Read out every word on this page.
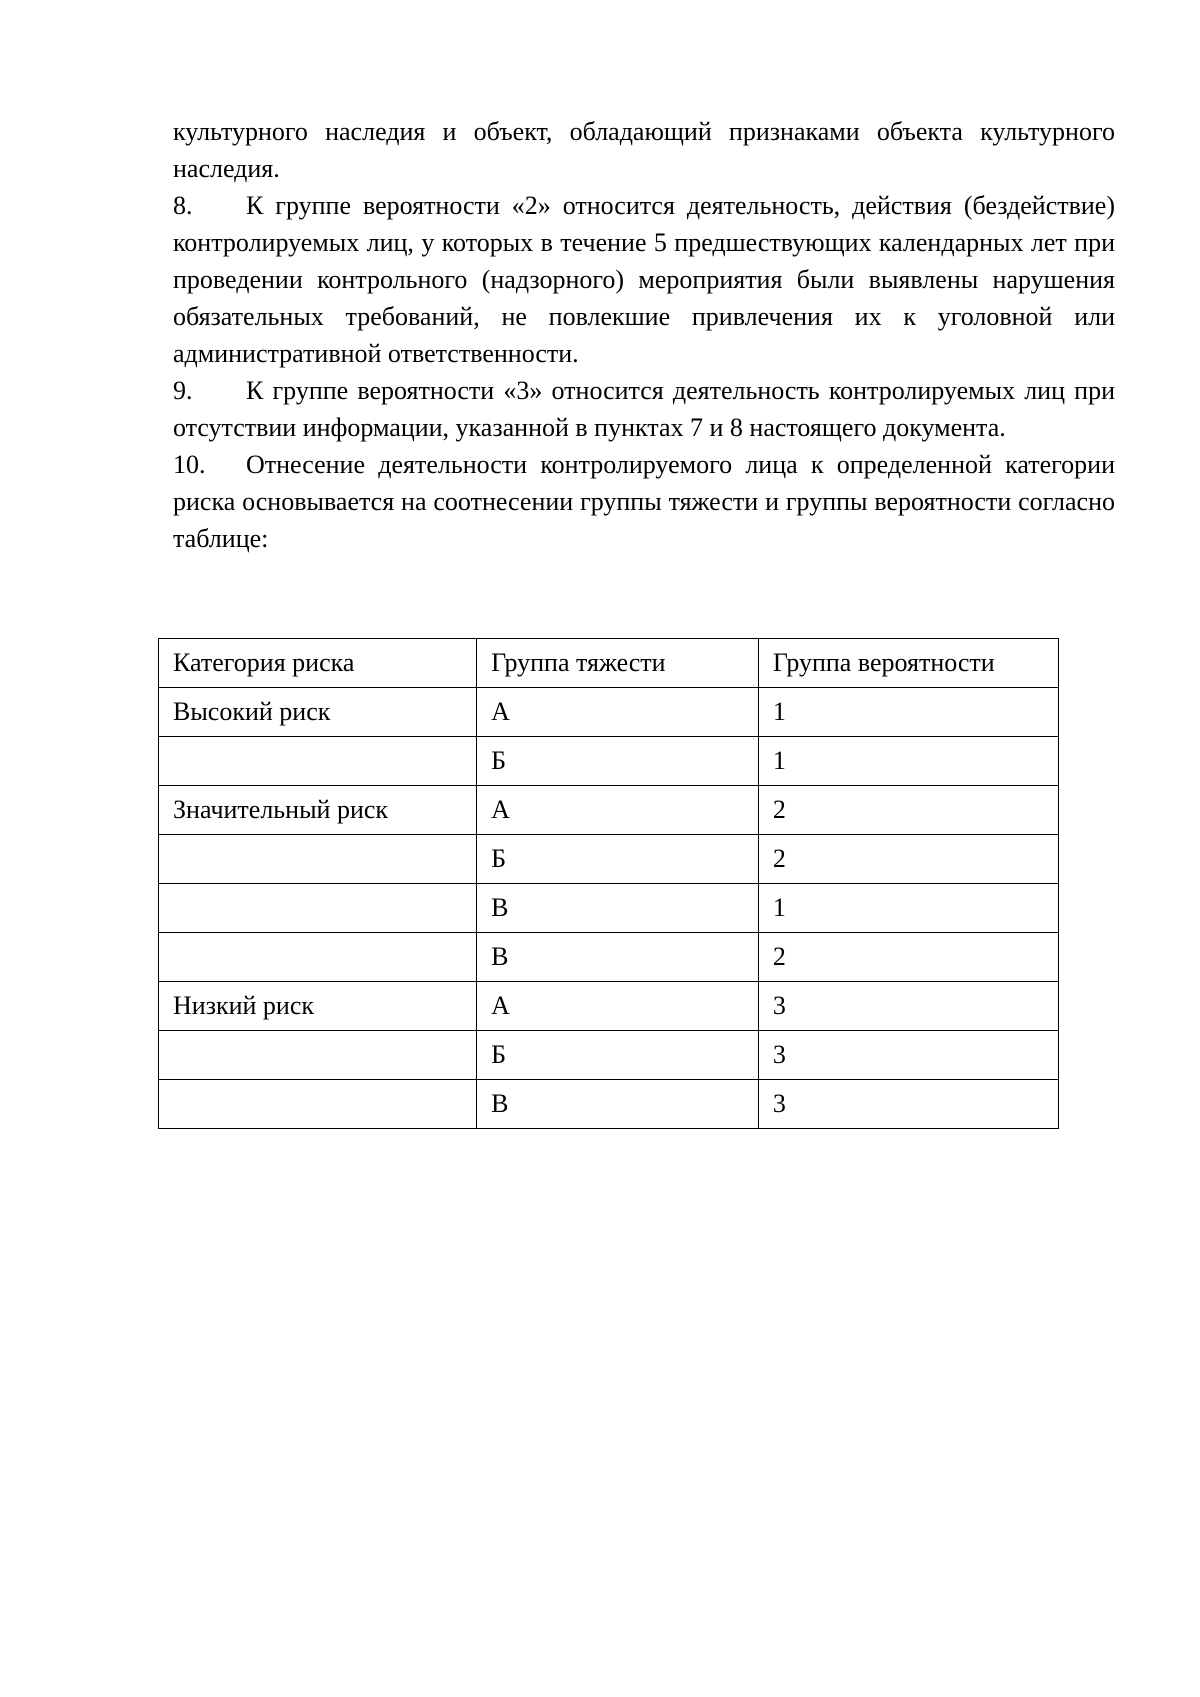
культурного наследия и объект, обладающий признаками объекта культурного наследия.

8. К группе вероятности «2» относится деятельность, действия (бездействие) контролируемых лиц, у которых в течение 5 предшествующих календарных лет при проведении контрольного (надзорного) мероприятия были выявлены нарушения обязательных требований, не повлекшие привлечения их к уголовной или административной ответственности.

9. К группе вероятности «3» относится деятельность контролируемых лиц при отсутствии информации, указанной в пунктах 7 и 8 настоящего документа.

10. Отнесение деятельности контролируемого лица к определенной категории риска основывается на соотнесении группы тяжести и группы вероятности согласно таблице:

Категория риска	Группа тяжести	Группа вероятности
Высокий риск	А	1
	Б	1
Значительный риск	А	2
	Б	2
	В	1
	В	2
Низкий риск	А	3
	Б	3
	В	3
